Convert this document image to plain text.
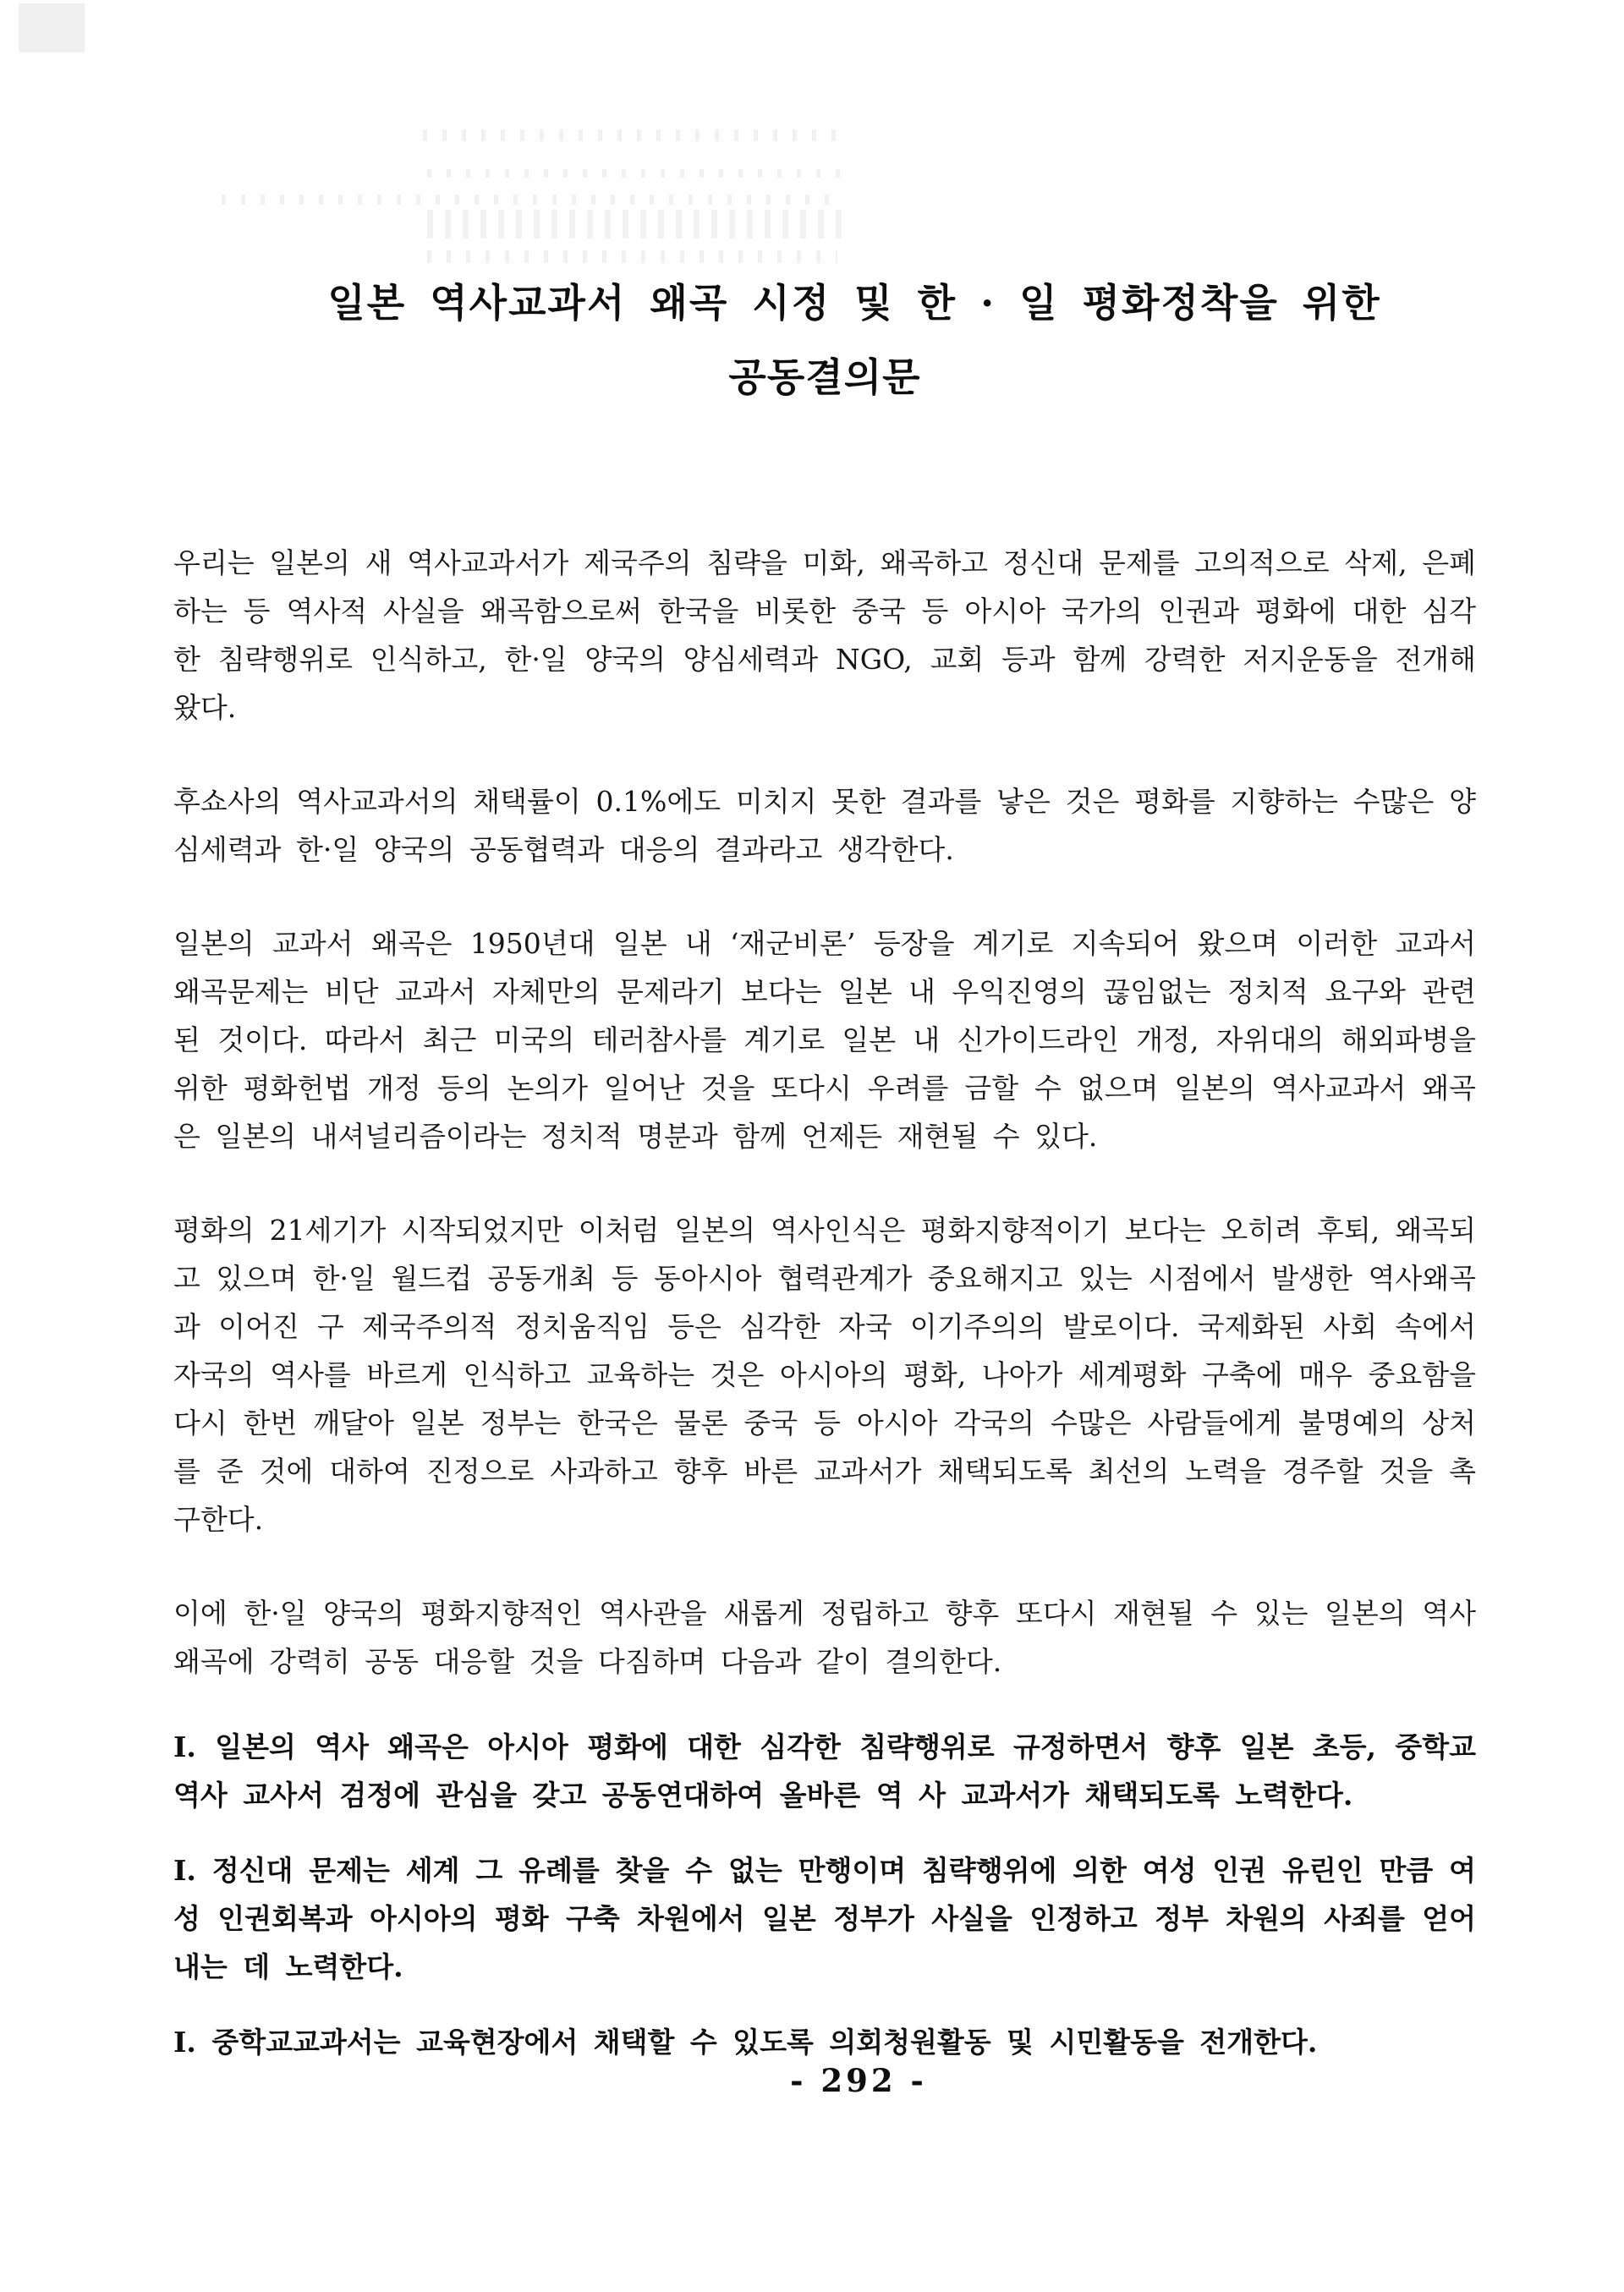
일본 역사교과서 왜곡 시정 및 한 · 일 평화정착을 위한
공동결의문

우리는 일본의 새 역사교과서가 제국주의 침략을 미화, 왜곡하고 정신대 문제를 고의적으로 삭제, 은폐하는 등 역사적 사실을 왜곡함으로써 한국을 비롯한 중국 등 아시아 국가의 인권과 평화에 대한 심각한 침략행위로 인식하고, 한·일 양국의 양심세력과 NGO, 교회 등과 함께 강력한 저지운동을 전개해 왔다.

후쇼사의 역사교과서의 채택률이 0.1%에도 미치지 못한 결과를 낳은 것은 평화를 지향하는 수많은 양심세력과 한·일 양국의 공동협력과 대응의 결과라고 생각한다.

일본의 교과서 왜곡은 1950년대 일본 내 ‘재군비론’ 등장을 계기로 지속되어 왔으며 이러한 교과서 왜곡문제는 비단 교과서 자체만의 문제라기 보다는 일본 내 우익진영의 끊임없는 정치적 요구와 관련된 것이다. 따라서 최근 미국의 테러참사를 계기로 일본 내 신가이드라인 개정, 자위대의 해외파병을 위한 평화헌법 개정 등의 논의가 일어난 것을 또다시 우려를 금할 수 없으며 일본의 역사교과서 왜곡은 일본의 내셔널리즘이라는 정치적 명분과 함께 언제든 재현될 수 있다.

평화의 21세기가 시작되었지만 이처럼 일본의 역사인식은 평화지향적이기 보다는 오히려 후퇴, 왜곡되고 있으며 한·일 월드컵 공동개최 등 동아시아 협력관계가 중요해지고 있는 시점에서 발생한 역사왜곡과 이어진 구 제국주의적 정치움직임 등은 심각한 자국 이기주의의 발로이다. 국제화된 사회 속에서 자국의 역사를 바르게 인식하고 교육하는 것은 아시아의 평화, 나아가 세계평화 구축에 매우 중요함을 다시 한번 깨달아 일본 정부는 한국은 물론 중국 등 아시아 각국의 수많은 사람들에게 불명예의 상처를 준 것에 대하여 진정으로 사과하고 향후 바른 교과서가 채택되도록 최선의 노력을 경주할 것을 촉구한다.

이에 한·일 양국의 평화지향적인 역사관을 새롭게 정립하고 향후 또다시 재현될 수 있는 일본의 역사 왜곡에 강력히 공동 대응할 것을 다짐하며 다음과 같이 결의한다.

I. 일본의 역사 왜곡은 아시아 평화에 대한 심각한 침략행위로 규정하면서 향후 일본 초등, 중학교 역사 교사서 검정에 관심을 갖고 공동연대하여 올바른 역 사 교과서가 채택되도록 노력한다.

I. 정신대 문제는 세계 그 유례를 찾을 수 없는 만행이며 침략행위에 의한 여성 인권 유린인 만큼 여성 인권회복과 아시아의 평화 구축 차원에서 일본 정부가 사실을 인정하고 정부 차원의 사죄를 얻어내는 데 노력한다.

I. 중학교교과서는 교육현장에서 채택할 수 있도록 의회청원활동 및 시민활동을 전개한다.

- 292 -
